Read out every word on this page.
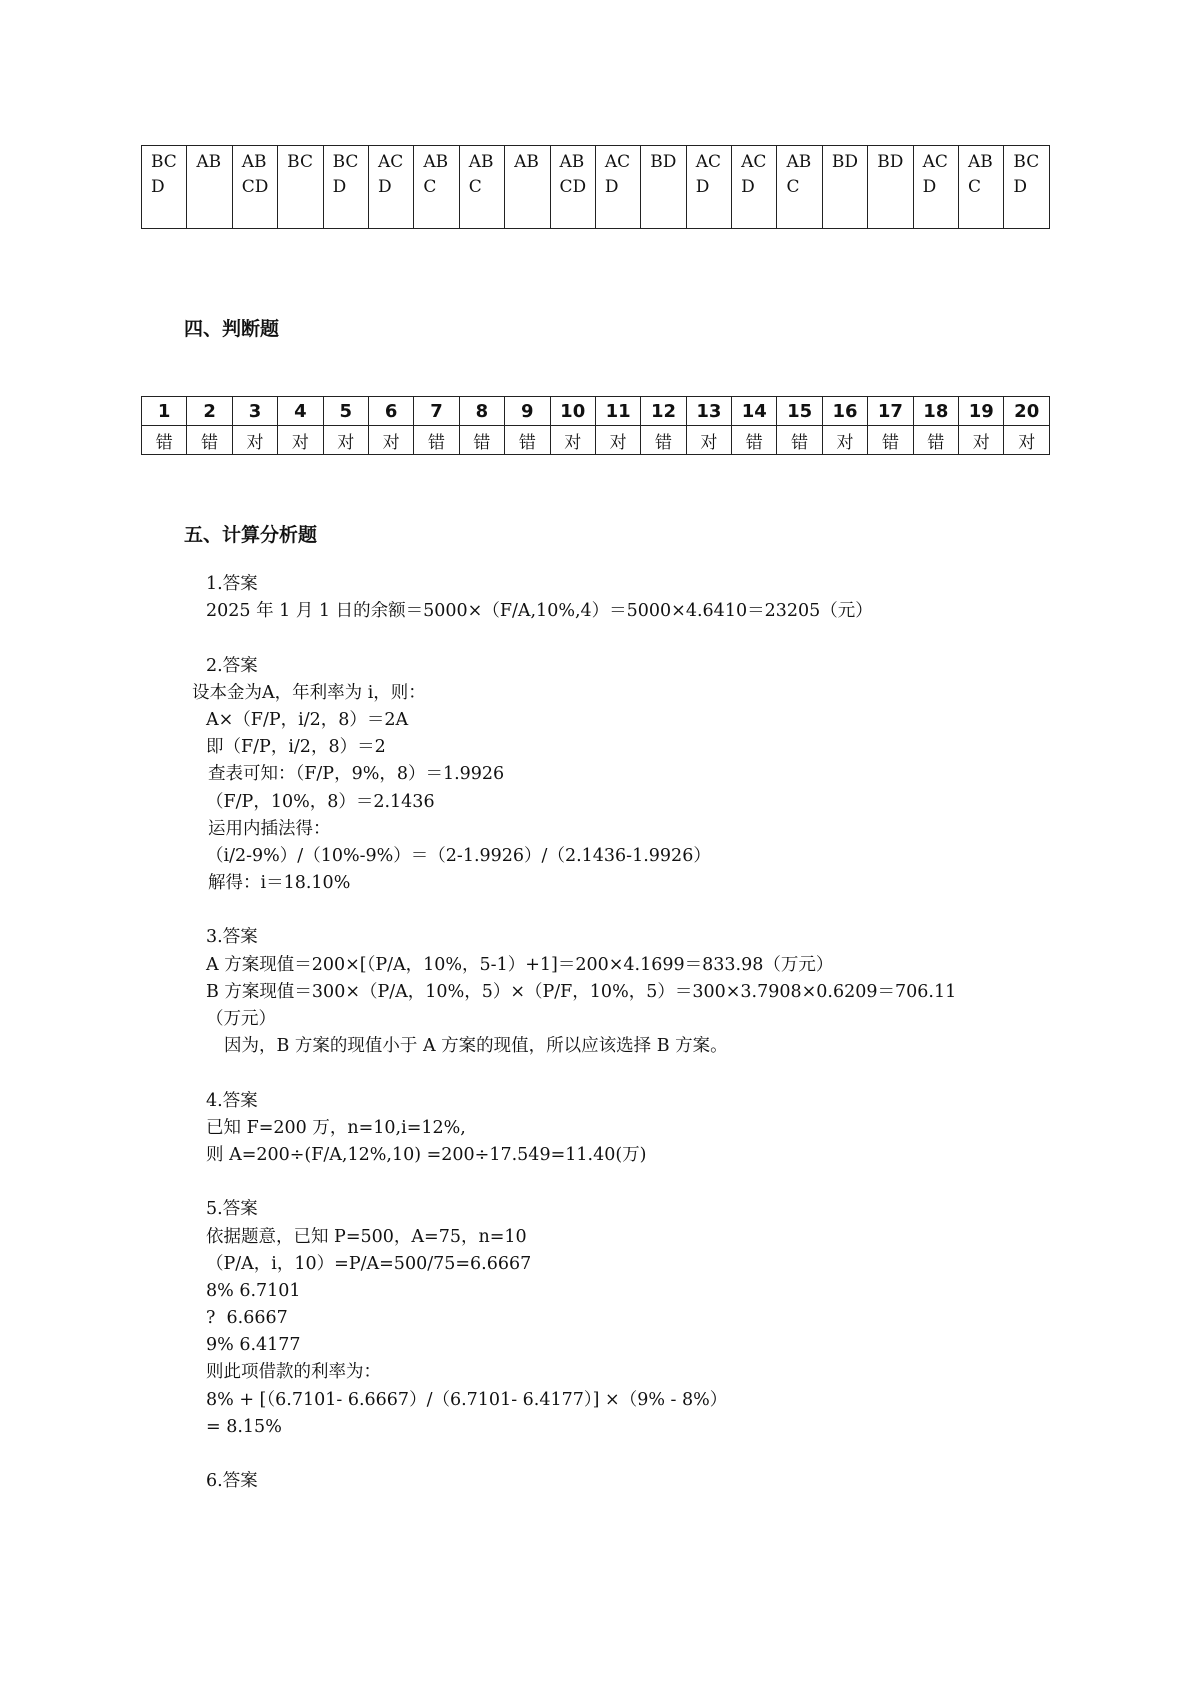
BCD	AB	ABCD	BC	BCD	ACD	ABC	ABC	AB	ABCD	ACD	BD	ACD	ACD	ABC	BD	BD	ACD	ABC	BCD
四、判断题
1	2	3	4	5	6	7	8	9	10	11	12	13	14	15	16	17	18	19	20
错	错	对	对	对	对	错	错	错	对	对	错	对	错	错	对	错	错	对	对
五、计算分析题
1.答案
2025 年 1 月 1 日的余额＝5000×（F/A,10%,4）＝5000×4.6410＝23205（元）
2.答案
设本金为A，年利率为 i，则：
A×（F/P，i/2，8）＝2A
即（F/P，i/2，8）＝2
查表可知：（F/P，9%，8）＝1.9926
（F/P，10%，8）＝2.1436
运用内插法得：
（i/2-9%）/（10%-9%）＝（2-1.9926）/（2.1436-1.9926）
解得：i＝18.10%
3.答案
A 方案现值＝200×[（P/A，10%，5-1）+1]＝200×4.1699＝833.98（万元）
B 方案现值＝300×（P/A，10%，5）×（P/F，10%，5）＝300×3.7908×0.6209＝706.11
（万元）
因为，B 方案的现值小于 A 方案的现值，所以应该选择 B 方案。
4.答案
已知 F=200 万，n=10,i=12%,
则 A=200÷(F/A,12%,10) =200÷17.549=11.40(万)
5.答案
依据题意，已知 P=500，A=75，n=10
（P/A，i，10）=P/A=500/75=6.6667
8% 6.7101
?  6.6667
9% 6.4177
则此项借款的利率为：
8% + [（6.7101- 6.6667）/（6.7101- 6.4177）] ×（9% - 8%）
= 8.15%
6.答案
